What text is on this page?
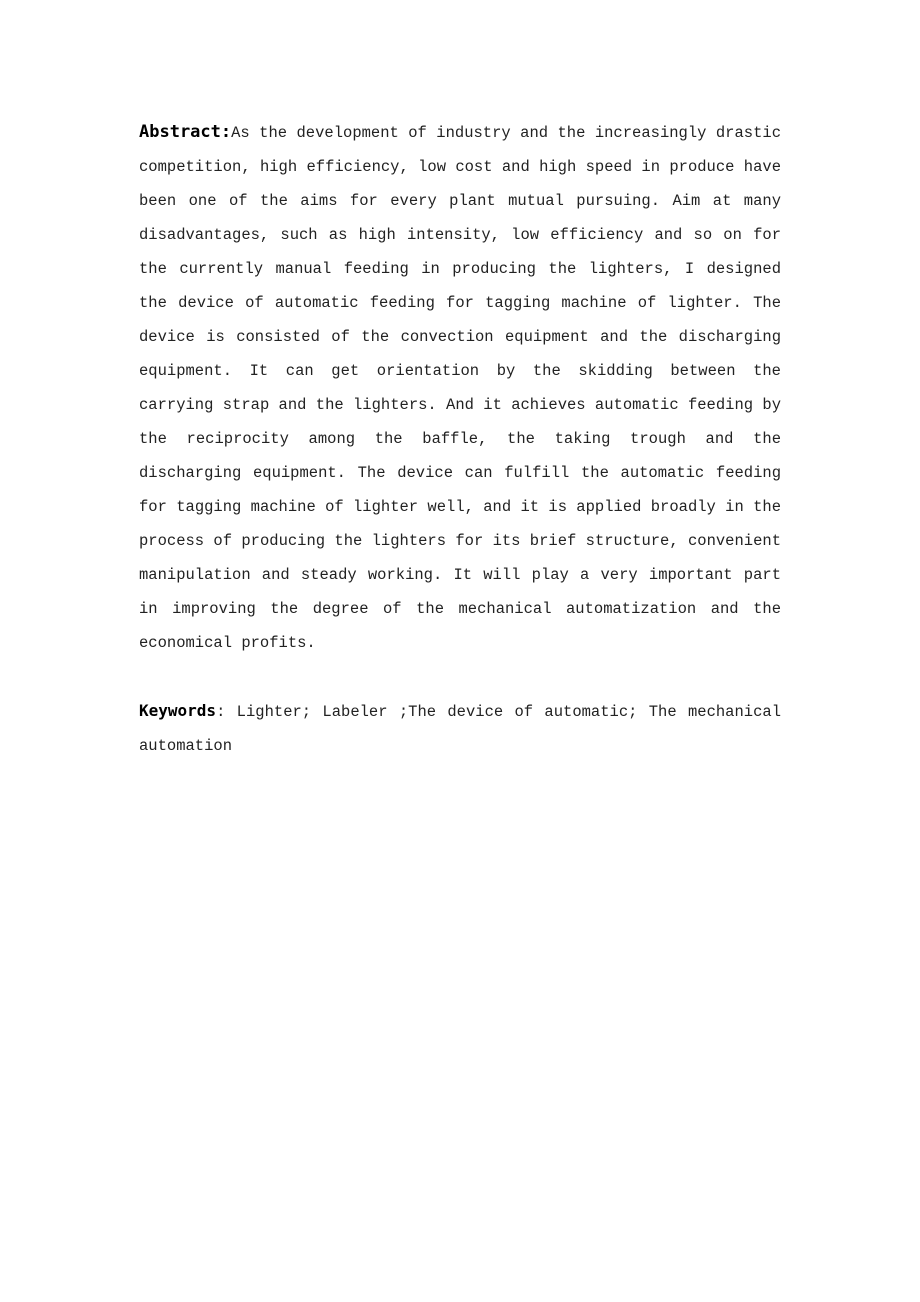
Abstract:As the development of industry and the increasingly drastic competition, high efficiency, low cost and high speed in produce have been one of the aims for every plant mutual pursuing. Aim at many disadvantages, such as high intensity, low efficiency and so on for the currently manual feeding in producing the lighters, I designed the device of automatic feeding for tagging machine of lighter. The device is consisted of the convection equipment and the discharging equipment. It can get orientation by the skidding between the carrying strap and the lighters. And it achieves automatic feeding by the reciprocity among the baffle, the taking trough and the discharging equipment. The device can fulfill the automatic feeding for tagging machine of lighter well, and it is applied broadly in the process of producing the lighters for its brief structure, convenient manipulation and steady working. It will play a very important part in improving the degree of the mechanical automatization and the economical profits.

Keywords: Lighter; Labeler ;The device of automatic; The mechanical automation
